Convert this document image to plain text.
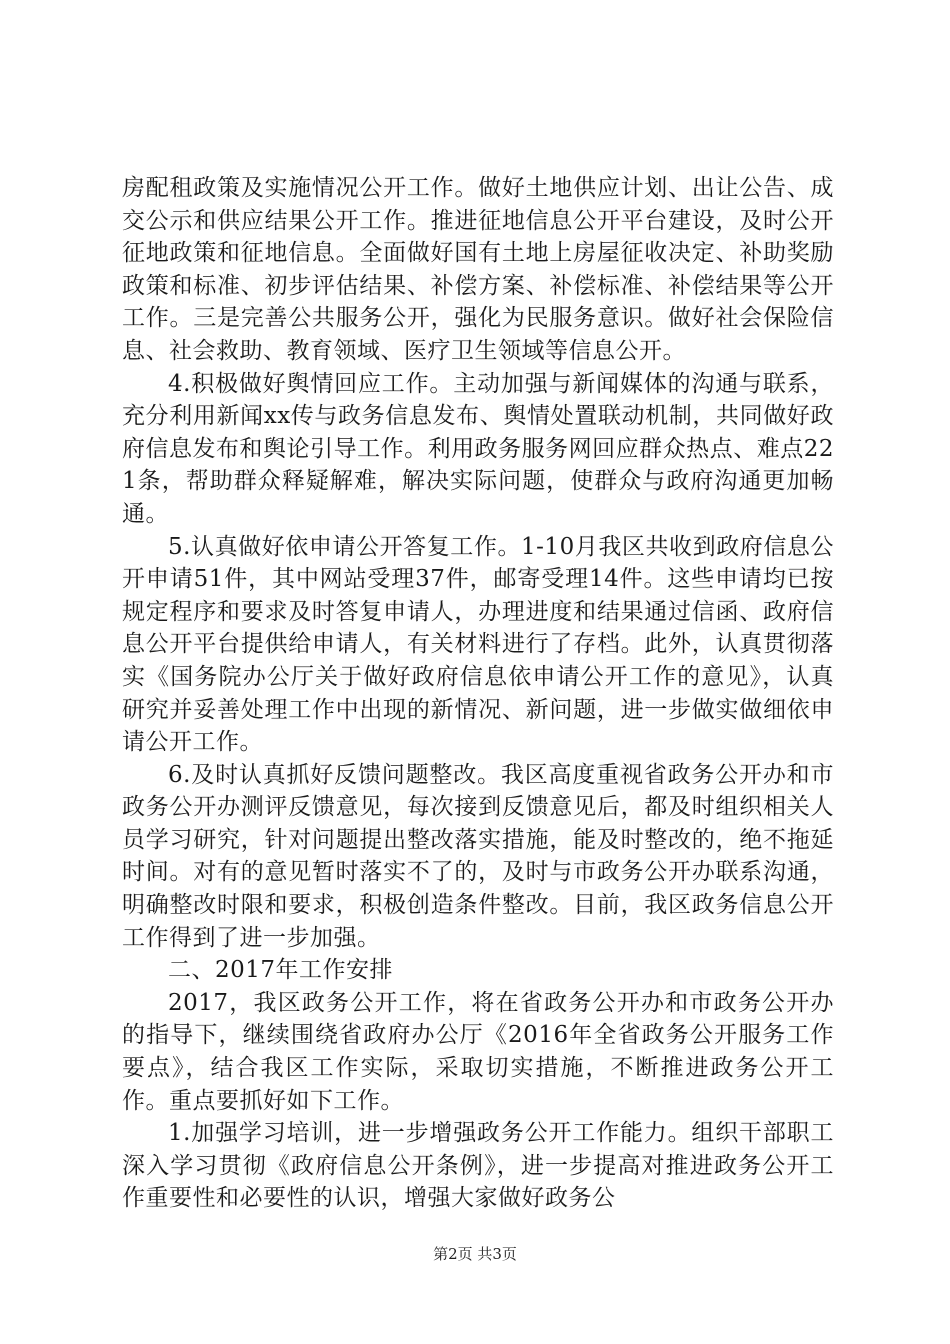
房配租政策及实施情况公开工作。做好土地供应计划、出让公告、成交公示和供应结果公开工作。推进征地信息公开平台建设，及时公开征地政策和征地信息。全面做好国有土地上房屋征收决定、补助奖励政策和标准、初步评估结果、补偿方案、补偿标准、补偿结果等公开工作。三是完善公共服务公开，强化为民服务意识。做好社会保险信息、社会救助、教育领域、医疗卫生领域等信息公开。

4.积极做好舆情回应工作。主动加强与新闻媒体的沟通与联系，充分利用新闻xx传与政务信息发布、舆情处置联动机制，共同做好政府信息发布和舆论引导工作。利用政务服务网回应群众热点、难点221条，帮助群众释疑解难，解决实际问题，使群众与政府沟通更加畅通。

5.认真做好依申请公开答复工作。1-10月我区共收到政府信息公开申请51件，其中网站受理37件，邮寄受理14件。这些申请均已按规定程序和要求及时答复申请人，办理进度和结果通过信函、政府信息公开平台提供给申请人，有关材料进行了存档。此外，认真贯彻落实《国务院办公厅关于做好政府信息依申请公开工作的意见》，认真研究并妥善处理工作中出现的新情况、新问题，进一步做实做细依申请公开工作。

6.及时认真抓好反馈问题整改。我区高度重视省政务公开办和市政务公开办测评反馈意见，每次接到反馈意见后，都及时组织相关人员学习研究，针对问题提出整改落实措施，能及时整改的，绝不拖延时间。对有的意见暂时落实不了的，及时与市政务公开办联系沟通，明确整改时限和要求，积极创造条件整改。目前，我区政务信息公开工作得到了进一步加强。

二、2017年工作安排

2017，我区政务公开工作，将在省政务公开办和市政务公开办的指导下，继续围绕省政府办公厅《2016年全省政务公开服务工作要点》，结合我区工作实际，采取切实措施，不断推进政务公开工作。重点要抓好如下工作。

1.加强学习培训，进一步增强政务公开工作能力。组织干部职工深入学习贯彻《政府信息公开条例》，进一步提高对推进政务公开工作重要性和必要性的认识，增强大家做好政务公

第2页 共3页
